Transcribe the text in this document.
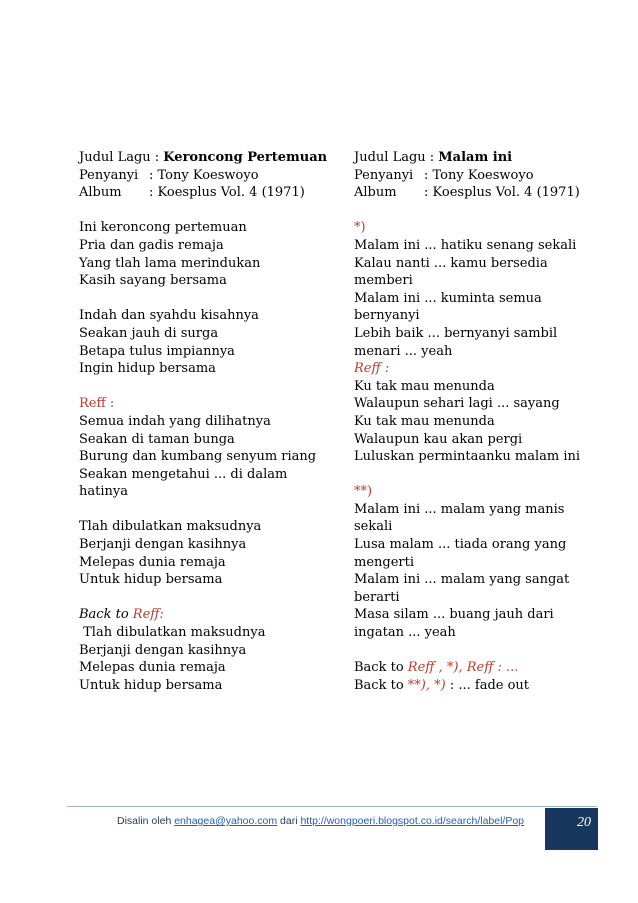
Judul Lagu : Keroncong Pertemuan
Penyanyi : Tony Koeswoyo
Album : Koesplus Vol. 4 (1971)
Ini keroncong pertemuan
Pria dan gadis remaja
Yang tlah lama merindukan
Kasih sayang bersama
Indah dan syahdu kisahnya
Seakan jauh di surga
Betapa tulus impiannya
Ingin hidup bersama
Reff :
Semua indah yang dilihatnya
Seakan di taman bunga
Burung dan kumbang senyum riang
Seakan mengetahui ... di dalam
hatinya
Tlah dibulatkan maksudnya
Berjanji dengan kasihnya
Melepas dunia remaja
Untuk hidup bersama
Back to Reff:
Tlah dibulatkan maksudnya
Berjanji dengan kasihnya
Melepas dunia remaja
Untuk hidup bersama
Judul Lagu : Malam ini
Penyanyi : Tony Koeswoyo
Album : Koesplus Vol. 4 (1971)
*)
Malam ini ... hatiku senang sekali
Kalau nanti ... kamu bersedia
memberi
Malam ini ... kuminta semua
bernyanyi
Lebih baik ... bernyanyi sambil
menari ... yeah
Reff :
Ku tak mau menunda
Walaupun sehari lagi ... sayang
Ku tak mau menunda
Walaupun kau akan pergi
Luluskan permintaanku malam ini
**)
Malam ini ... malam yang manis
sekali
Lusa malam ... tiada orang yang
mengerti
Malam ini ... malam yang sangat
berarti
Masa silam ... buang jauh dari
ingatan ... yeah
Back to Reff , *), Reff : ...
Back to **), *) : ... fade out
Disalin oleh enhagea@yahoo.com dari http://wongpoeri.blogspot.co.id/search/label/Pop	20
